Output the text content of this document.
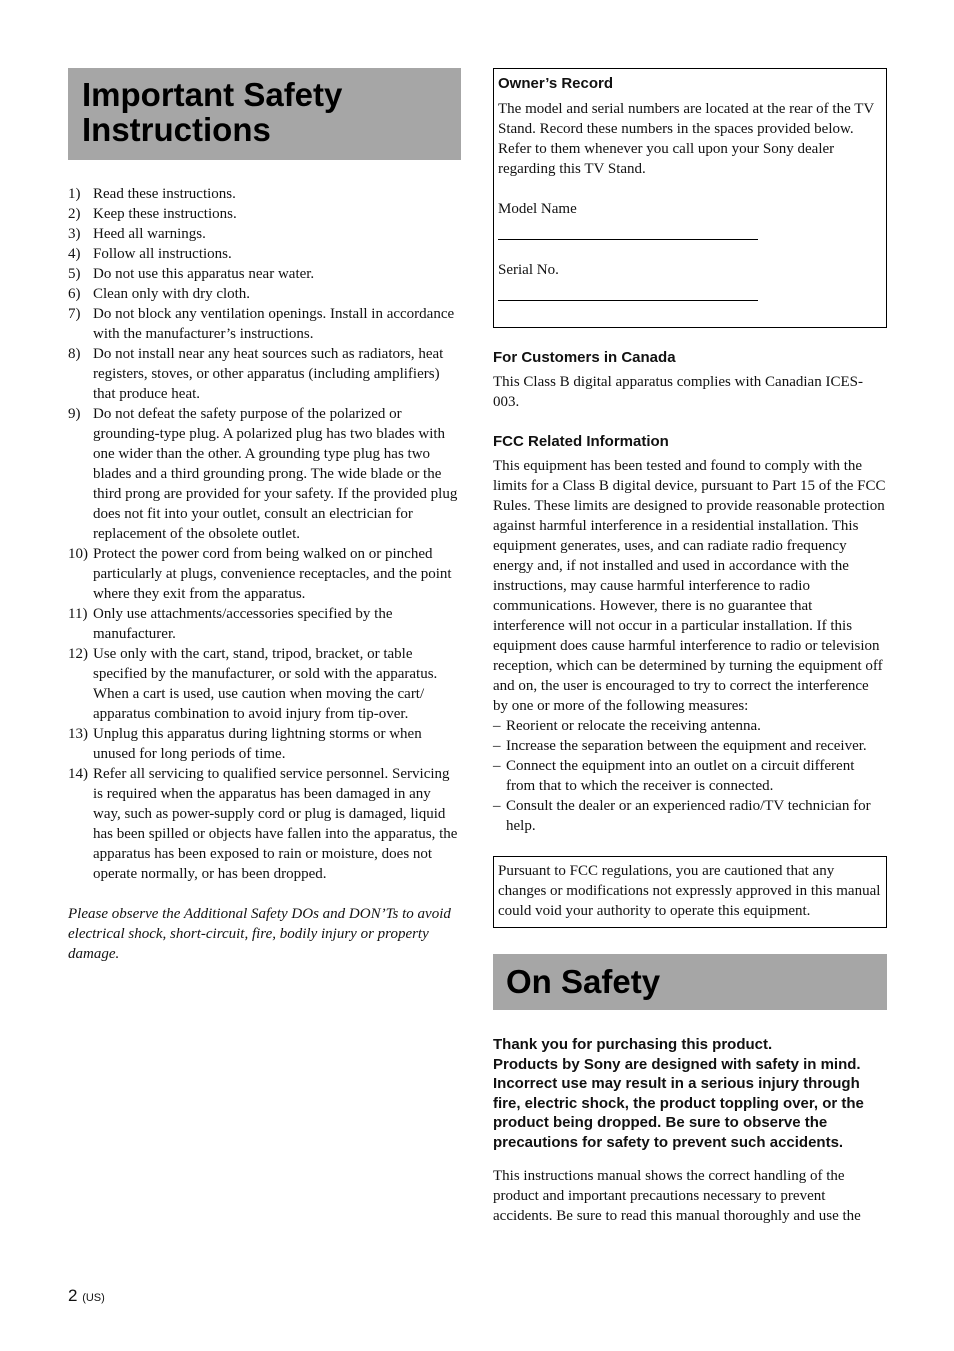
Important Safety
Instructions
1) Read these instructions.
2) Keep these instructions.
3) Heed all warnings.
4) Follow all instructions.
5) Do not use this apparatus near water.
6) Clean only with dry cloth.
7) Do not block any ventilation openings. Install in accordance with the manufacturer’s instructions.
8) Do not install near any heat sources such as radiators, heat registers, stoves, or other apparatus (including amplifiers) that produce heat.
9) Do not defeat the safety purpose of the polarized or grounding-type plug. A polarized plug has two blades with one wider than the other. A grounding type plug has two blades and a third grounding prong. The wide blade or the third prong are provided for your safety. If the provided plug does not fit into your outlet, consult an electrician for replacement of the obsolete outlet.
10) Protect the power cord from being walked on or pinched particularly at plugs, convenience receptacles, and the point where they exit from the apparatus.
11) Only use attachments/accessories specified by the manufacturer.
12) Use only with the cart, stand, tripod, bracket, or table specified by the manufacturer, or sold with the apparatus. When a cart is used, use caution when moving the cart/ apparatus combination to avoid injury from tip-over.
13) Unplug this apparatus during lightning storms or when unused for long periods of time.
14) Refer all servicing to qualified service personnel. Servicing is required when the apparatus has been damaged in any way, such as power-supply cord or plug is damaged, liquid has been spilled or objects have fallen into the apparatus, the apparatus has been exposed to rain or moisture, does not operate normally, or has been dropped.
Please observe the Additional Safety DOs and DON’Ts to avoid electrical shock, short-circuit, fire, bodily injury or property damage.
Owner’s Record
The model and serial numbers are located at the rear of the TV Stand. Record these numbers in the spaces provided below.
Refer to them whenever you call upon your Sony dealer regarding this TV Stand.
Model Name
Serial No.
For Customers in Canada
This Class B digital apparatus complies with Canadian ICES-003.
FCC Related Information
This equipment has been tested and found to comply with the limits for a Class B digital device, pursuant to Part 15 of the FCC Rules. These limits are designed to provide reasonable protection against harmful interference in a residential installation. This equipment generates, uses, and can radiate radio frequency energy and, if not installed and used in accordance with the instructions, may cause harmful interference to radio communications. However, there is no guarantee that interference will not occur in a particular installation. If this equipment does cause harmful interference to radio or television reception, which can be determined by turning the equipment off and on, the user is encouraged to try to correct the interference by one or more of the following measures:
– Reorient or relocate the receiving antenna.
– Increase the separation between the equipment and receiver.
– Connect the equipment into an outlet on a circuit different from that to which the receiver is connected.
– Consult the dealer or an experienced radio/TV technician for help.
Pursuant to FCC regulations, you are cautioned that any changes or modifications not expressly approved in this manual could void your authority to operate this equipment.
On Safety
Thank you for purchasing this product.
Products by Sony are designed with safety in mind. Incorrect use may result in a serious injury through fire, electric shock, the product toppling over, or the product being dropped. Be sure to observe the precautions for safety to prevent such accidents.
This instructions manual shows the correct handling of the product and important precautions necessary to prevent accidents. Be sure to read this manual thoroughly and use the
2 (US)
